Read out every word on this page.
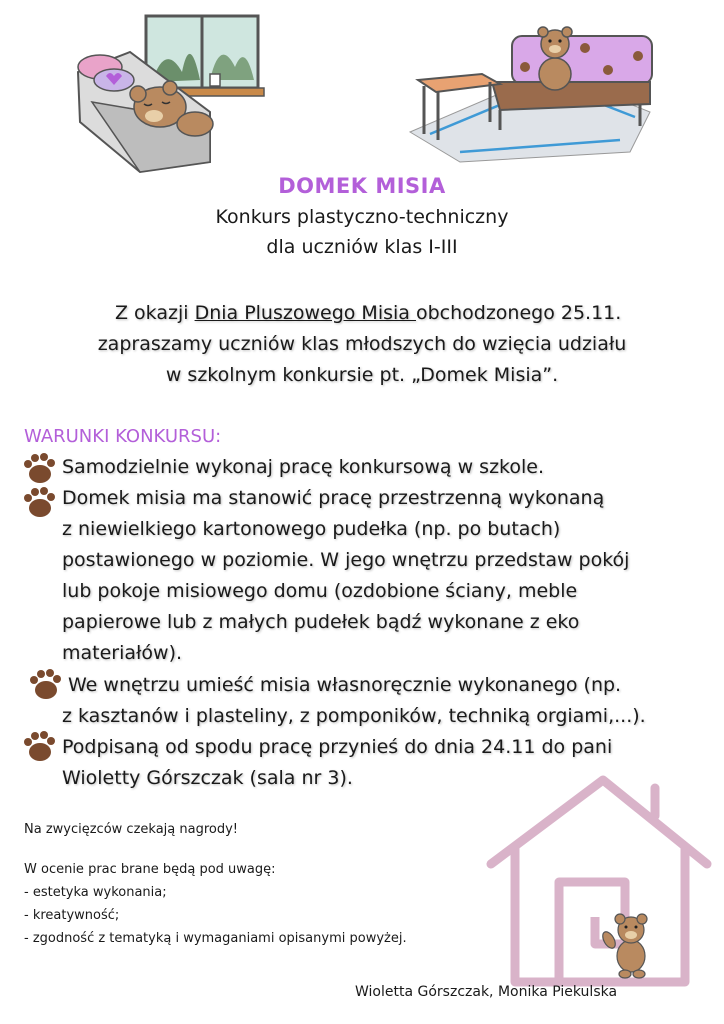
DOMEK MISIA
Konkurs plastyczno-techniczny
dla uczniów klas I-III
Z okazji Dnia Pluszowego Misia obchodzonego 25.11.
zapraszamy uczniów klas młodszych do wzięcia udziału
w szkolnym konkursie pt. „Domek Misia”.
WARUNKI KONKURSU:
Samodzielnie wykonaj pracę konkursową w szkole.
Domek misia ma stanowić pracę przestrzenną wykonaną
z niewielkiego kartonowego pudełka (np. po butach)
postawionego w poziomie. W jego wnętrzu przedstaw pokój
lub pokoje misiowego domu (ozdobione ściany, meble
papierowe lub z małych pudełek bądź wykonane z eko
materiałów).
We wnętrzu umieść misia własnoręcznie wykonanego (np.
z kasztanów i plasteliny, z pomponików, techniką orgiami,...).
Podpisaną od spodu pracę przynieś do dnia 24.11 do pani
Wioletty Górszczak (sala nr 3).
Na zwycięzców czekają nagrody!
W ocenie prac brane będą pod uwagę:
- estetyka wykonania;
- kreatywność;
- zgodność z tematyką i wymaganiami opisanymi powyżej.
Wioletta Górszczak, Monika Piekulska
